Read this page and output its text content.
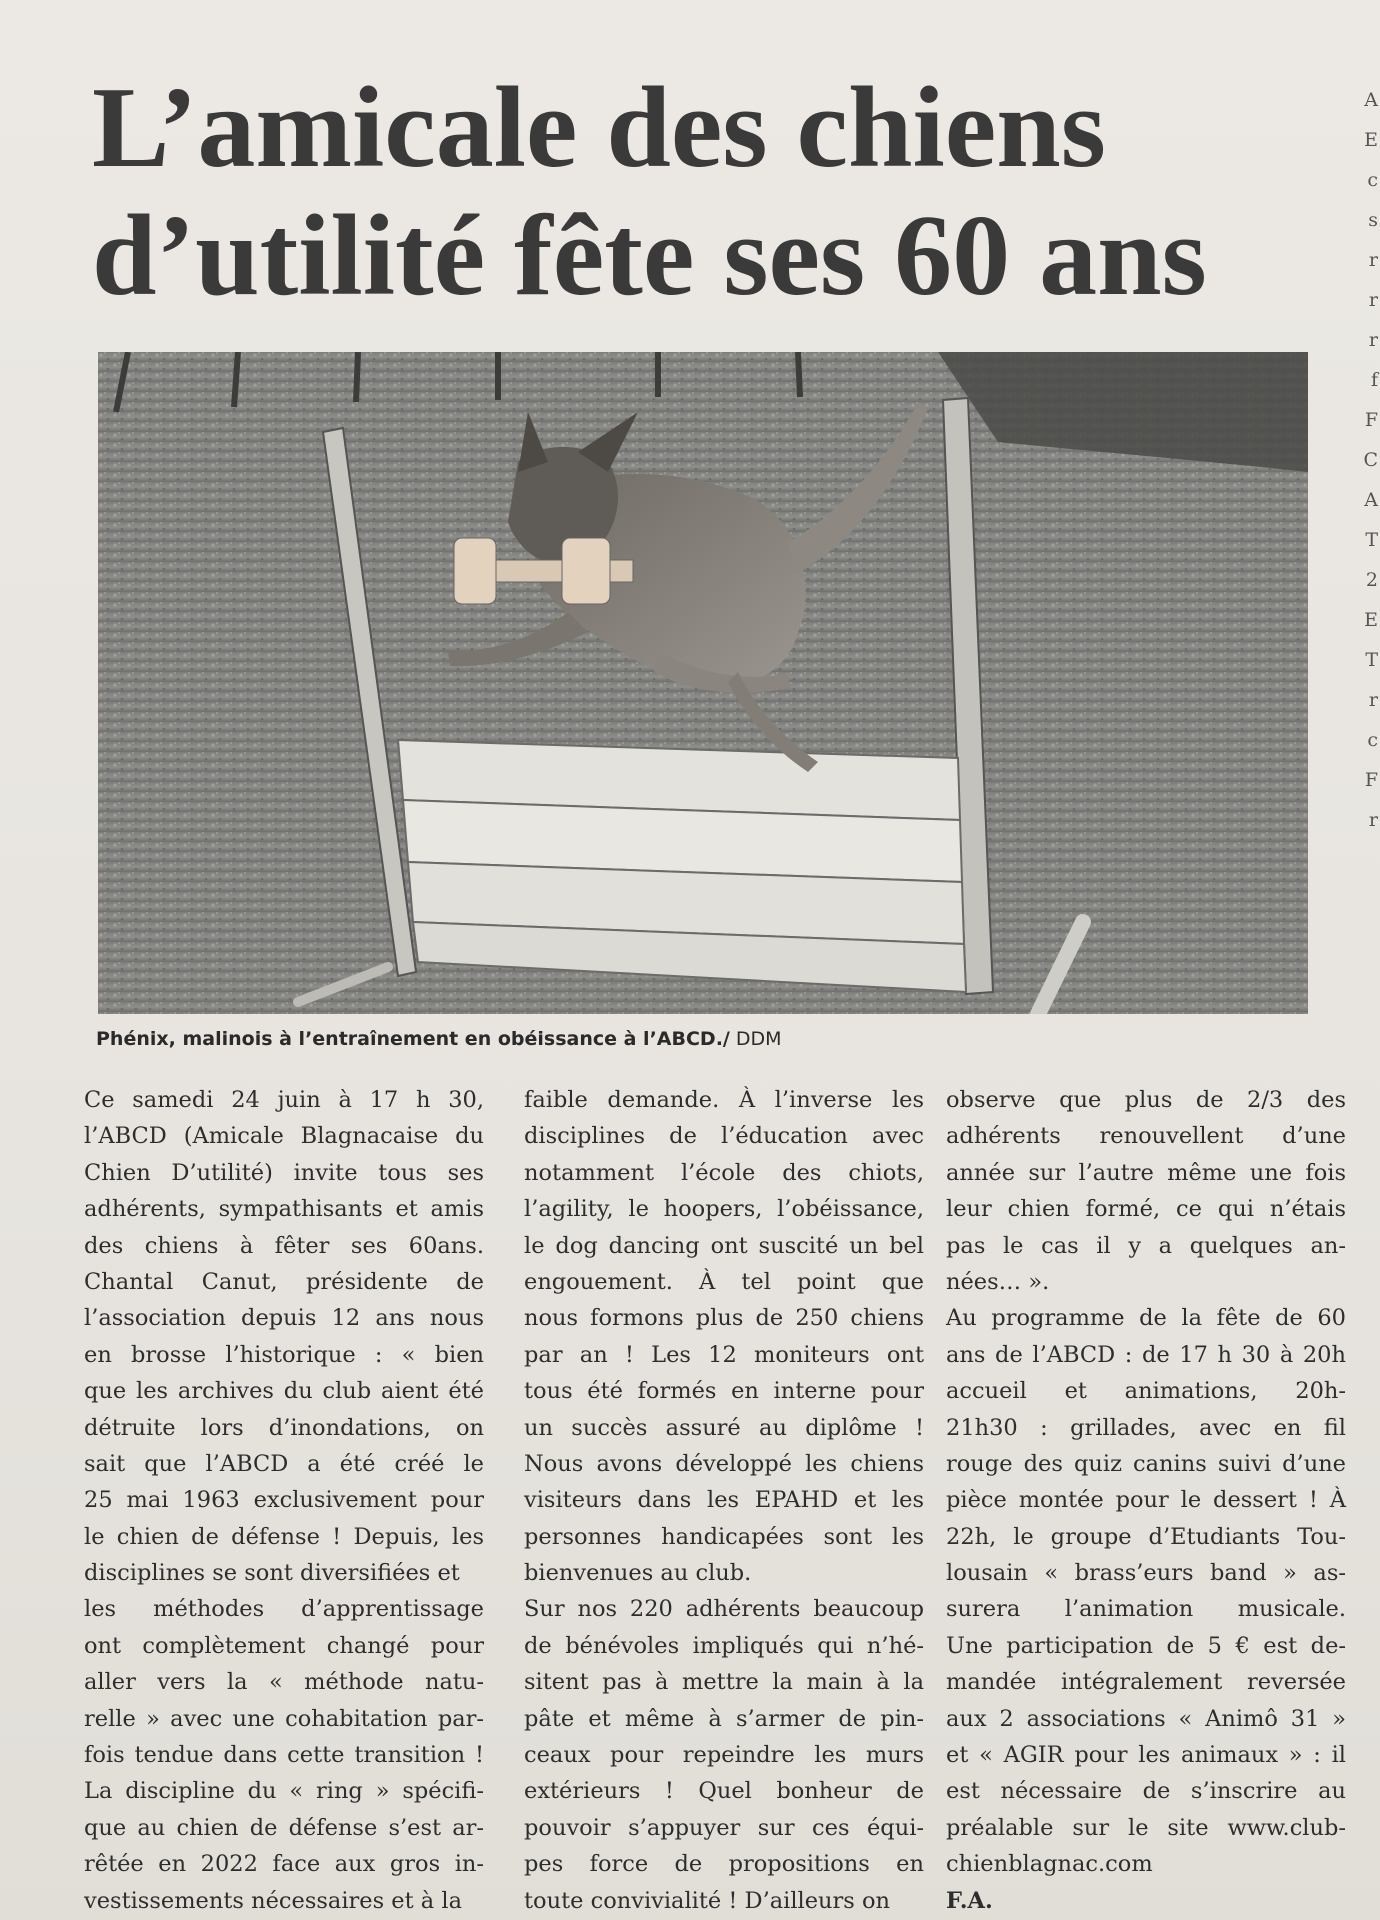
L’amicale des chiens
d’utilité fête ses 60 ans
Phénix, malinois à l’entraînement en obéissance à l’ABCD./ DDM
Ce samedi 24 juin à 17 h 30,
l’ABCD (Amicale Blagnacaise du
Chien D’utilité) invite tous ses
adhérents, sympathisants et amis
des chiens à fêter ses 60ans.
Chantal Canut, présidente de
l’association depuis 12 ans nous
en brosse l’historique : « bien
que les archives du club aient été
détruite lors d’inondations, on
sait que l’ABCD a été créé le
25 mai 1963 exclusivement pour
le chien de défense ! Depuis, les
disciplines se sont diversifiées et
les méthodes d’apprentissage
ont complètement changé pour
aller vers la « méthode natu-
relle » avec une cohabitation par-
fois tendue dans cette transition !
La discipline du « ring » spécifi-
que au chien de défense s’est ar-
rêtée en 2022 face aux gros in-
vestissements nécessaires et à la
faible demande. À l’inverse les
disciplines de l’éducation avec
notamment l’école des chiots,
l’agility, le hoopers, l’obéissance,
le dog dancing ont suscité un bel
engouement. À tel point que
nous formons plus de 250 chiens
par an ! Les 12 moniteurs ont
tous été formés en interne pour
un succès assuré au diplôme !
Nous avons développé les chiens
visiteurs dans les EPAHD et les
personnes handicapées sont les
bienvenues au club.
Sur nos 220 adhérents beaucoup
de bénévoles impliqués qui n’hé-
sitent pas à mettre la main à la
pâte et même à s’armer de pin-
ceaux pour repeindre les murs
extérieurs ! Quel bonheur de
pouvoir s’appuyer sur ces équi-
pes force de propositions en
toute convivialité ! D’ailleurs on
observe que plus de 2/3 des
adhérents renouvellent d’une
année sur l’autre même une fois
leur chien formé, ce qui n’étais
pas le cas il y a quelques an-
nées… ».
Au programme de la fête de 60
ans de l’ABCD : de 17 h 30 à 20h
accueil et animations, 20h-
21h30 : grillades, avec en fil
rouge des quiz canins suivi d’une
pièce montée pour le dessert ! À
22h, le groupe d’Etudiants Tou-
lousain « brass’eurs band » as-
surera l’animation musicale.
Une participation de 5 € est de-
mandée intégralement reversée
aux 2 associations « Animô 31 »
et « AGIR pour les animaux » : il
est nécessaire de s’inscrire au
préalable sur le site www.club-
chienblagnac.com
F.A.
A
E
c
s
r
r
r
f
F
C
A
T
2
E
T
r
c
F
r
